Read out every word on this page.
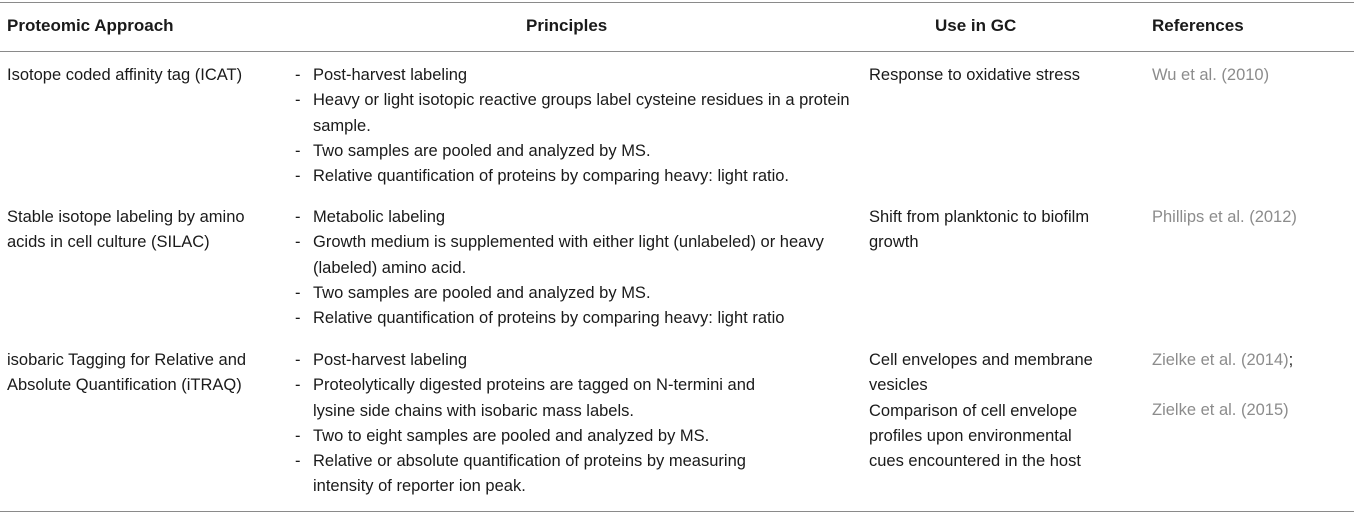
Proteomic Approach	Principles	Use in GC	References
Isotope coded affinity tag (ICAT)
-	Post-harvest labeling
- Heavy or light isotopic reactive groups label cysteine residues in a protein sample.
- Two samples are pooled and analyzed by MS.
- Relative quantification of proteins by comparing heavy: light ratio.
Response to oxidative stress	Wu et al. (2010)
Stable isotope labeling by amino
acids in cell culture (SILAC)
- Metabolic labeling
- Growth medium is supplemented with either light (unlabeled) or heavy (labeled) amino acid.
- Two samples are pooled and analyzed by MS.
- Relative quantification of proteins by comparing heavy: light ratio
Shift from planktonic to biofilm
growth
Phillips et al. (2012)
isobaric Tagging for Relative and
Absolute Quantification (iTRAQ)
- Post-harvest labeling
- Proteolytically digested proteins are tagged on N-termini and lysine side chains with isobaric mass labels.
- Two to eight samples are pooled and analyzed by MS.
- Relative or absolute quantification of proteins by measuring intensity of reporter ion peak.
Cell envelopes and membrane
vesicles
Comparison of cell envelope
profiles upon environmental
cues encountered in the host
Zielke et al. (2014);
Zielke et al. (2015)
